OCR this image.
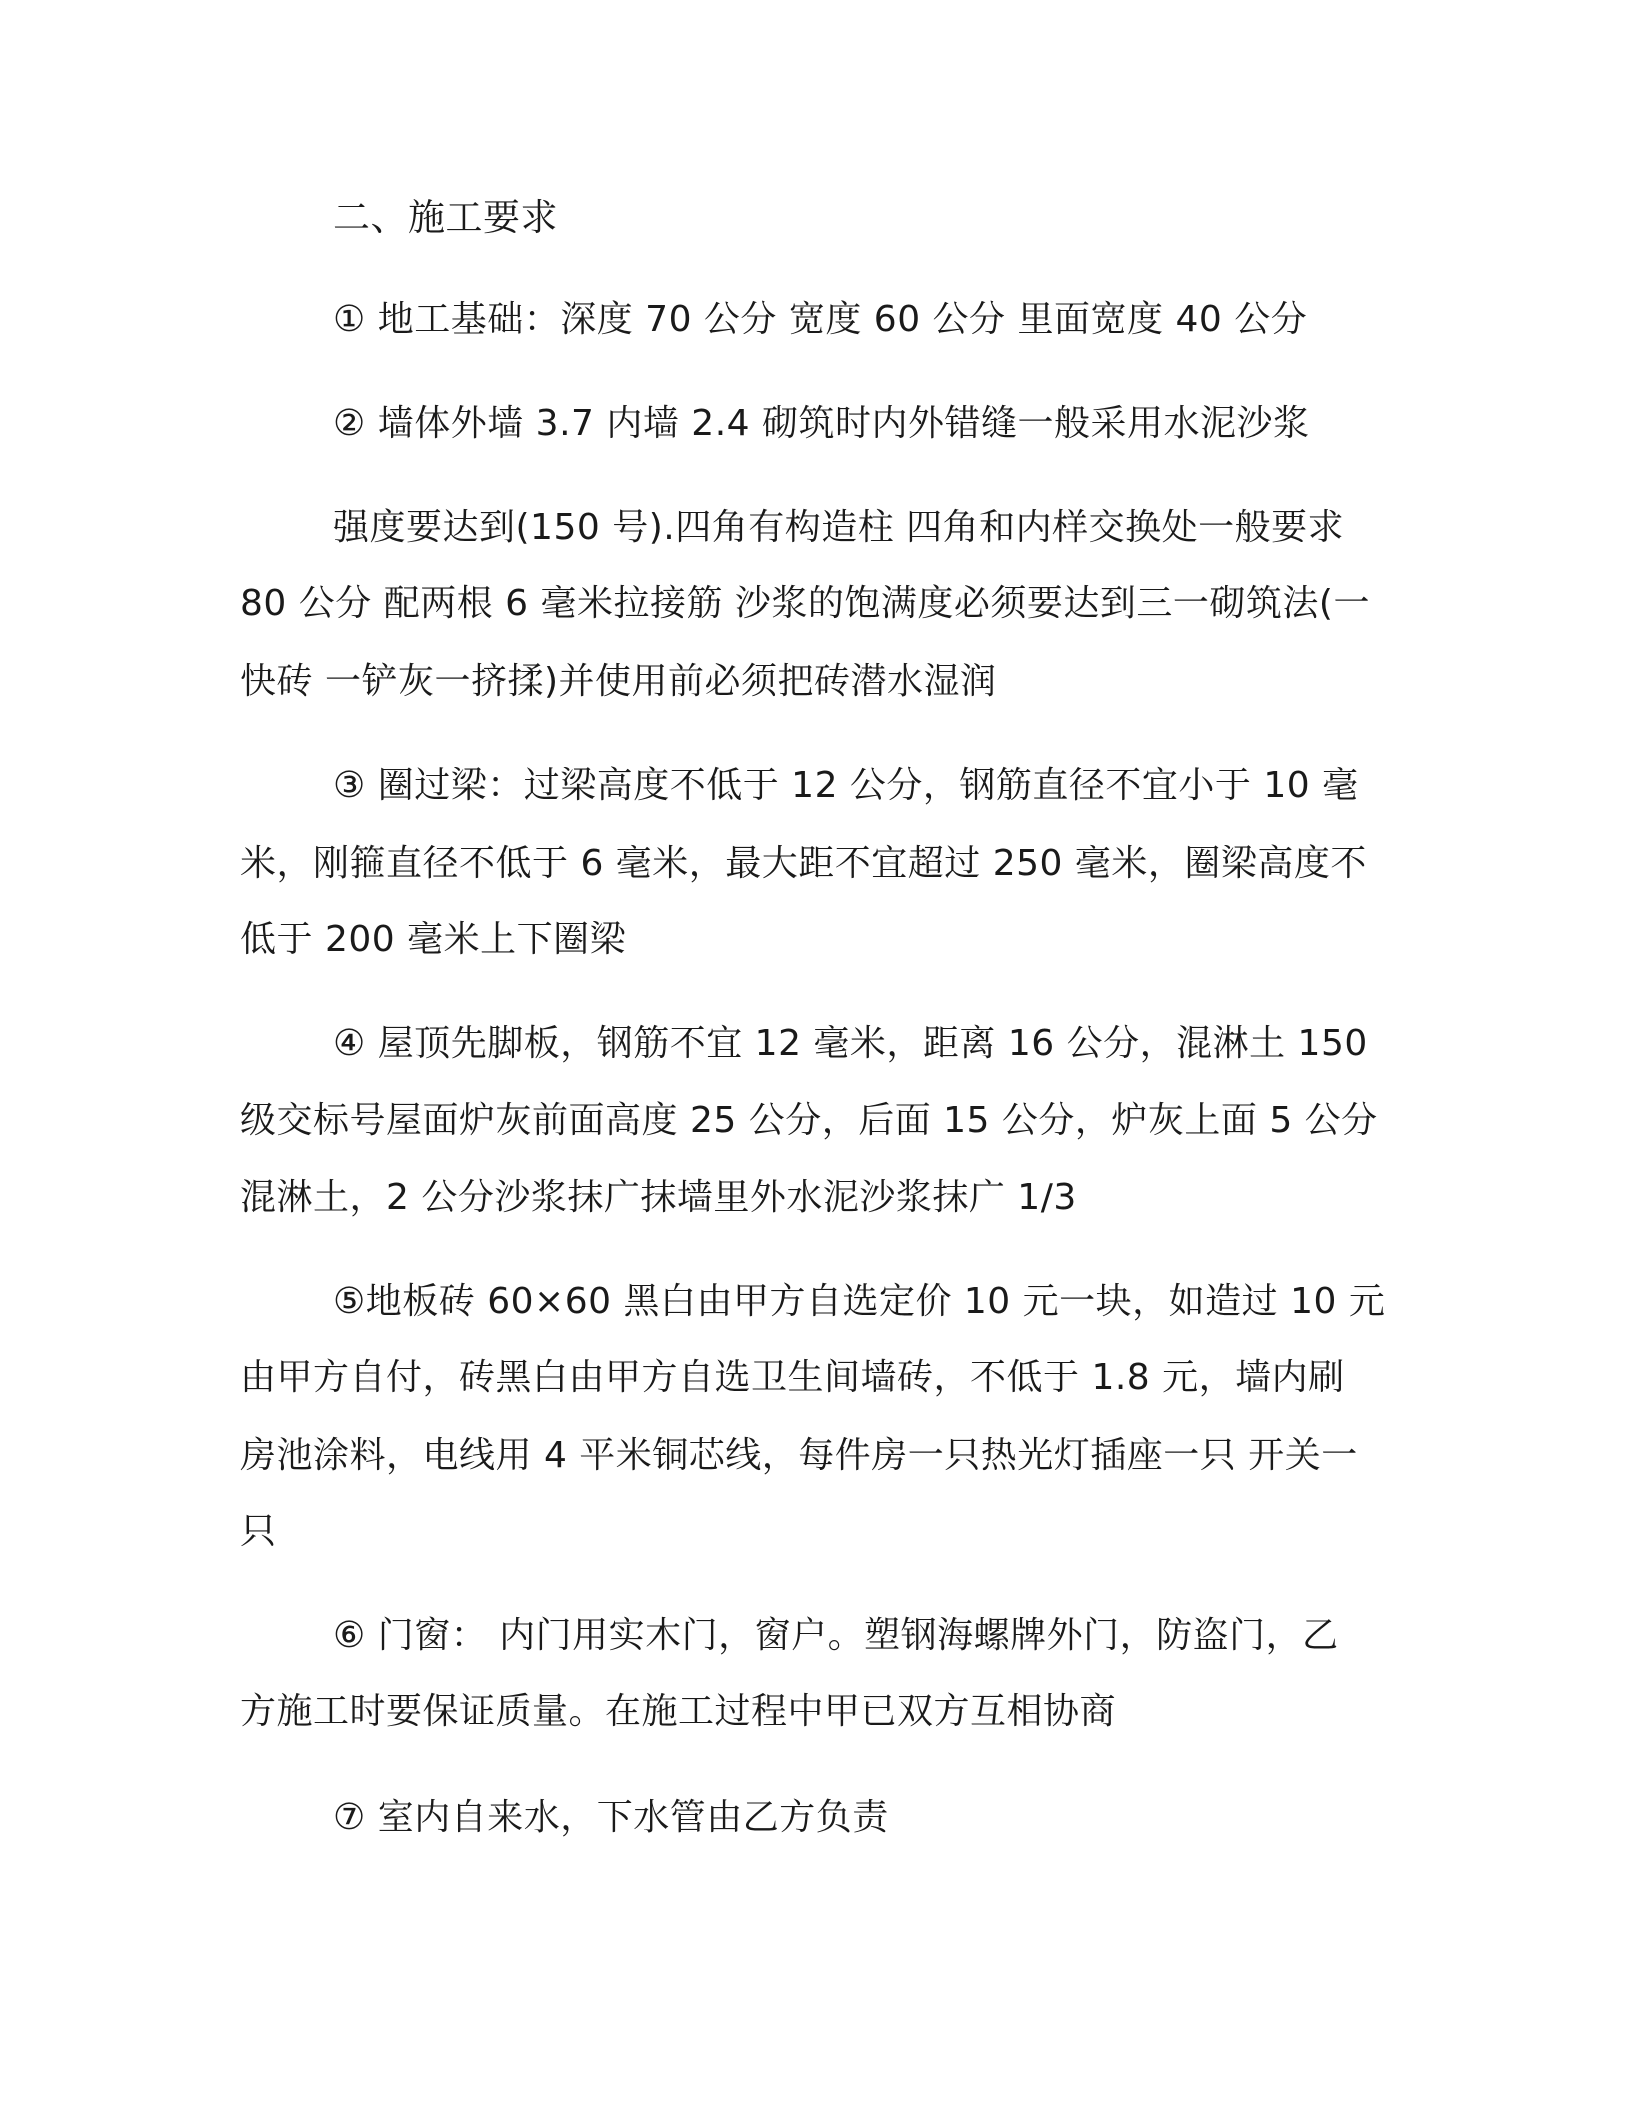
二、施工要求

① 地工基础：深度 70 公分 宽度 60 公分 里面宽度 40 公分

② 墙体外墙 3.7 内墙 2.4 砌筑时内外错缝一般采用水泥沙浆

强度要达到(150 号).四角有构造柱 四角和内样交换处一般要求

80 公分 配两根 6 毫米拉接筋 沙浆的饱满度必须要达到三一砌筑法(一

快砖 一铲灰一挤揉)并使用前必须把砖潜水湿润

③ 圈过梁：过梁高度不低于 12 公分，钢筋直径不宜小于 10 毫

米，刚箍直径不低于 6 毫米，最大距不宜超过 250 毫米，圈梁高度不

低于 200 毫米上下圈梁

④ 屋顶先脚板，钢筋不宜 12 毫米，距离 16 公分，混淋土 150

级交标号屋面炉灰前面高度 25 公分，后面 15 公分，炉灰上面 5 公分

混淋土，2 公分沙浆抹广抹墙里外水泥沙浆抹广 1/3

⑤地板砖 60×60 黑白由甲方自选定价 10 元一块，如造过 10 元

由甲方自付，砖黑白由甲方自选卫生间墙砖，不低于 1.8 元，墙内刷

房池涂料，电线用 4 平米铜芯线，每件房一只热光灯插座一只 开关一

只

⑥ 门窗： 内门用实木门，窗户。塑钢海螺牌外门，防盗门，乙

方施工时要保证质量。在施工过程中甲已双方互相协商

⑦ 室内自来水，下水管由乙方负责
